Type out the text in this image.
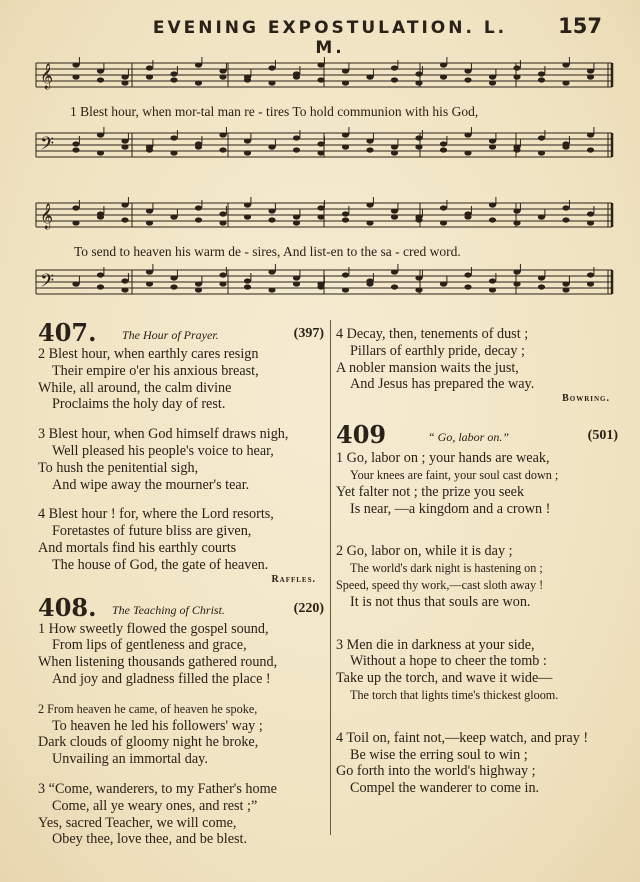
EVENING EXPOSTULATION. L. M.
157
𝄞
𝄢
𝄞
𝄢
1 Blest hour, when mor-tal man re - tires To hold communion with his God,
To send to heaven his warm de - sires, And list-en to the sa - cred word.
407. The Hour of Prayer.	(397)
2 Blest hour, when earthly cares resign
Their empire o'er his anxious breast,
While, all around, the calm divine
Proclaims the holy day of rest.
3 Blest hour, when God himself draws nigh,
Well pleased his people's voice to hear,
To hush the penitential sigh,
And wipe away the mourner's tear.
4 Blest hour ! for, where the Lord resorts,
Foretastes of future bliss are given,
And mortals find his earthly courts
The house of God, the gate of heaven.
Raffles.
408. The Teaching of Christ.	(220)
1 How sweetly flowed the gospel sound,
From lips of gentleness and grace,
When listening thousands gathered round,
And joy and gladness filled the place !
2 From heaven he came, of heaven he spoke,
To heaven he led his followers' way ;
Dark clouds of gloomy night he broke,
Unvailing an immortal day.
3 “Come, wanderers, to my Father's home
Come, all ye weary ones, and rest ;”
Yes, sacred Teacher, we will come,
Obey thee, love thee, and be blest.
4 Decay, then, tenements of dust ;
Pillars of earthly pride, decay ;
A nobler mansion waits the just,
And Jesus has prepared the way.
Bowring.
409	“ Go, labor on.”	(501)
1 Go, labor on ; your hands are weak,
Your knees are faint, your soul cast down ;
Yet falter not ; the prize you seek
Is near, —a kingdom and a crown !
2 Go, labor on, while it is day ;
The world's dark night is hastening on ;
Speed, speed thy work,—cast sloth away !
It is not thus that souls are won.
3 Men die in darkness at your side,
Without a hope to cheer the tomb :
Take up the torch, and wave it wide—
The torch that lights time's thickest gloom.
4 Toil on, faint not,—keep watch, and pray !
Be wise the erring soul to win ;
Go forth into the world's highway ;
Compel the wanderer to come in.
